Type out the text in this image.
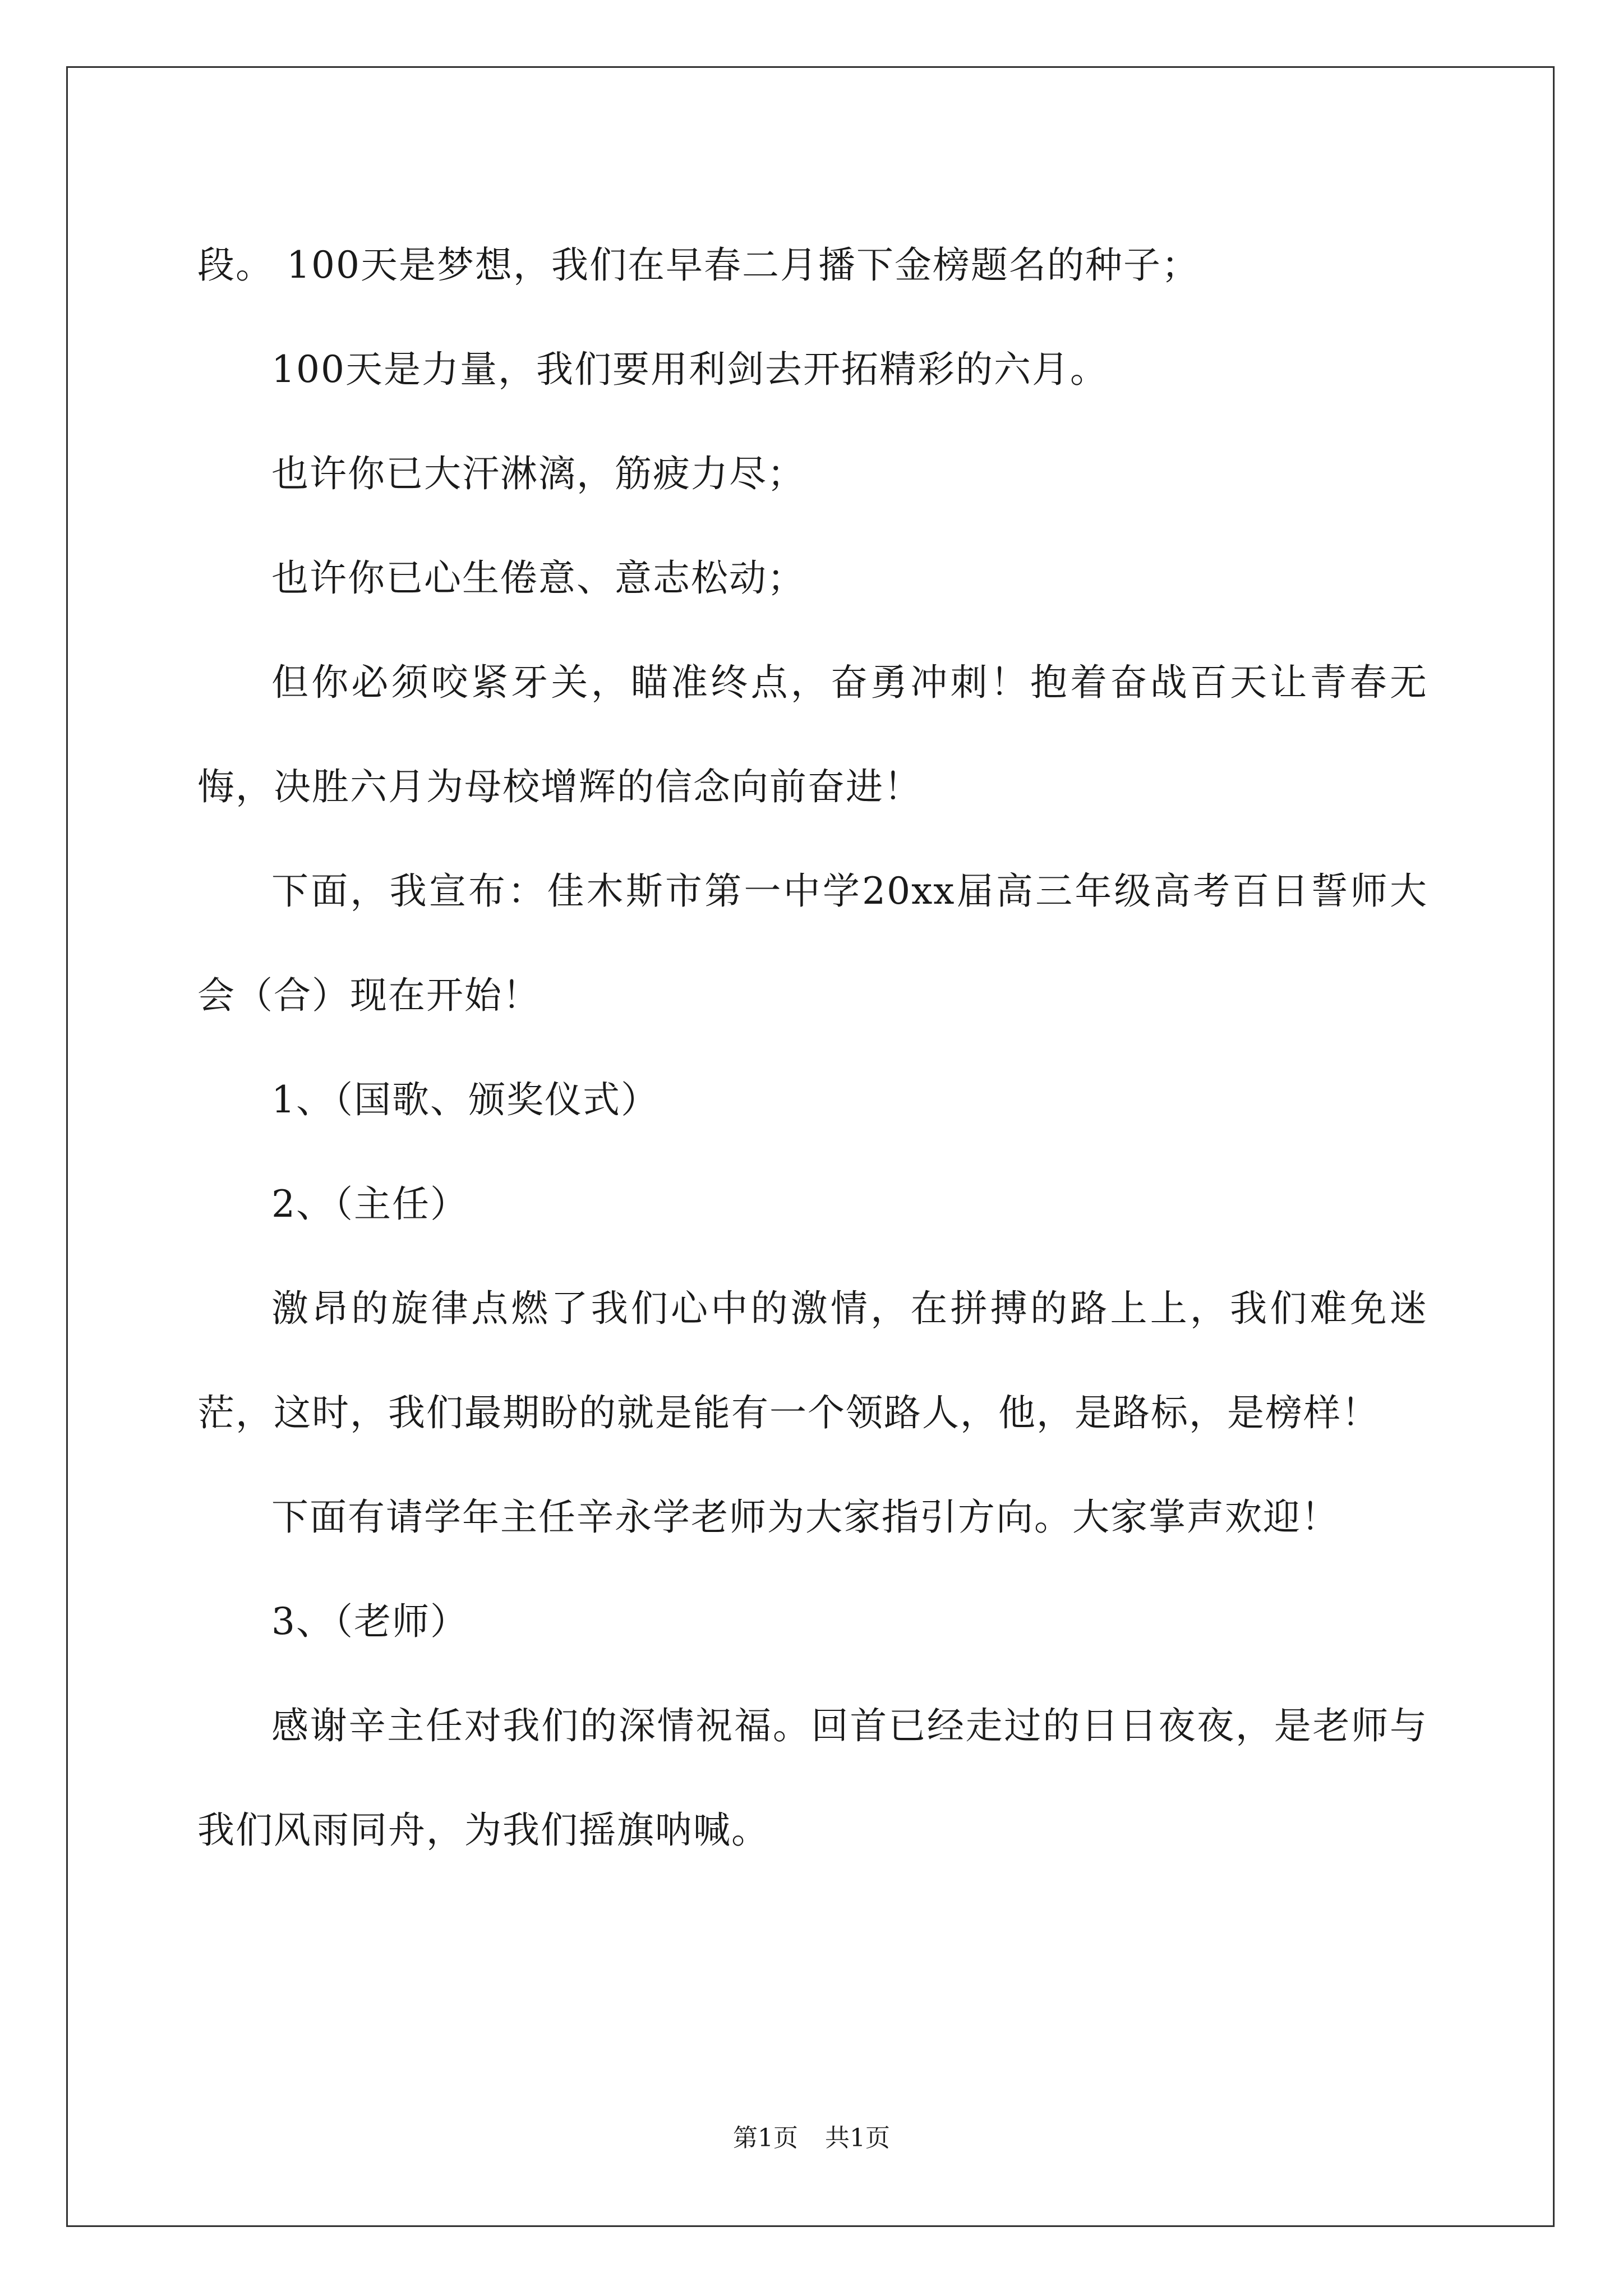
段。 100天是梦想，我们在早春二月播下金榜题名的种子；

100天是力量，我们要用利剑去开拓精彩的六月。

也许你已大汗淋漓，筋疲力尽；

也许你已心生倦意、意志松动；

但你必须咬紧牙关，瞄准终点，奋勇冲刺！抱着奋战百天让青春无悔，决胜六月为母校增辉的信念向前奋进！

下面，我宣布：佳木斯市第一中学20xx届高三年级高考百日誓师大会（合）现在开始！

1、（国歌、颁奖仪式）

2、（主任）

激昂的旋律点燃了我们心中的激情，在拼搏的路上上，我们难免迷茫，这时，我们最期盼的就是能有一个领路人，他，是路标，是榜样！

下面有请学年主任辛永学老师为大家指引方向。大家掌声欢迎！

3、（老师）

感谢辛主任对我们的深情祝福。回首已经走过的日日夜夜，是老师与我们风雨同舟，为我们摇旗呐喊。

第1页 共1页
